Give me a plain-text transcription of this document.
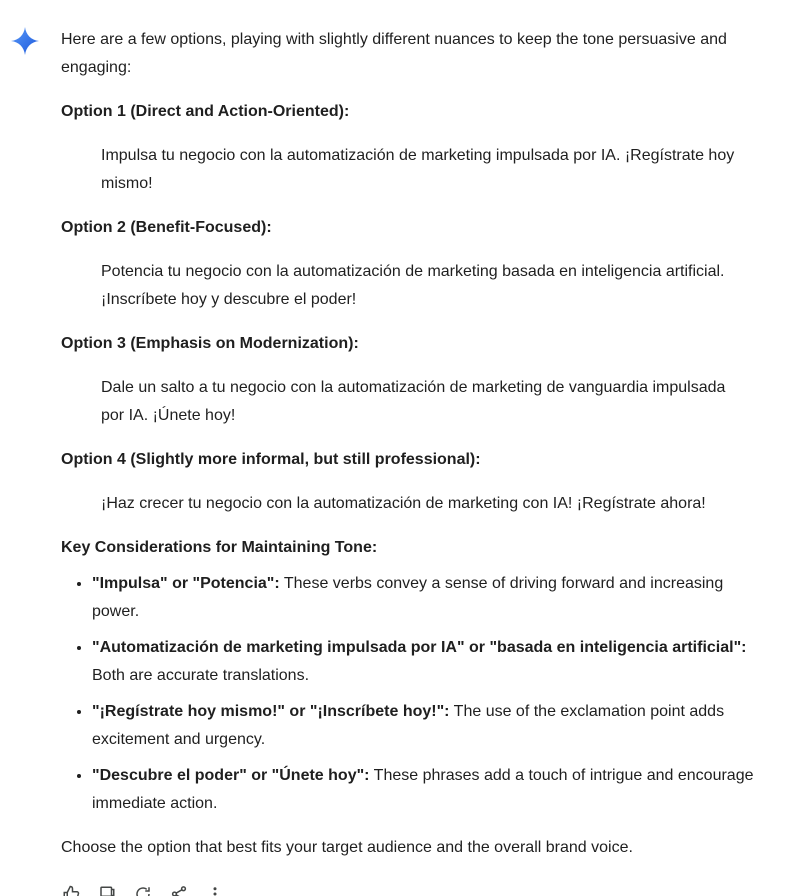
Here are a few options, playing with slightly different nuances to keep the tone persuasive and engaging:

Option 1 (Direct and Action-Oriented):

Impulsa tu negocio con la automatización de marketing impulsada por IA. ¡Regístrate hoy mismo!

Option 2 (Benefit-Focused):

Potencia tu negocio con la automatización de marketing basada en inteligencia artificial. ¡Inscríbete hoy y descubre el poder!

Option 3 (Emphasis on Modernization):

Dale un salto a tu negocio con la automatización de marketing de vanguardia impulsada por IA. ¡Únete hoy!

Option 4 (Slightly more informal, but still professional):

¡Haz crecer tu negocio con la automatización de marketing con IA! ¡Regístrate ahora!

Key Considerations for Maintaining Tone:

• "Impulsa" or "Potencia": These verbs convey a sense of driving forward and increasing power.
• "Automatización de marketing impulsada por IA" or "basada en inteligencia artificial": Both are accurate translations.
• "¡Regístrate hoy mismo!" or "¡Inscríbete hoy!": The use of the exclamation point adds excitement and urgency.
• "Descubre el poder" or "Únete hoy": These phrases add a touch of intrigue and encourage immediate action.

Choose the option that best fits your target audience and the overall brand voice.
